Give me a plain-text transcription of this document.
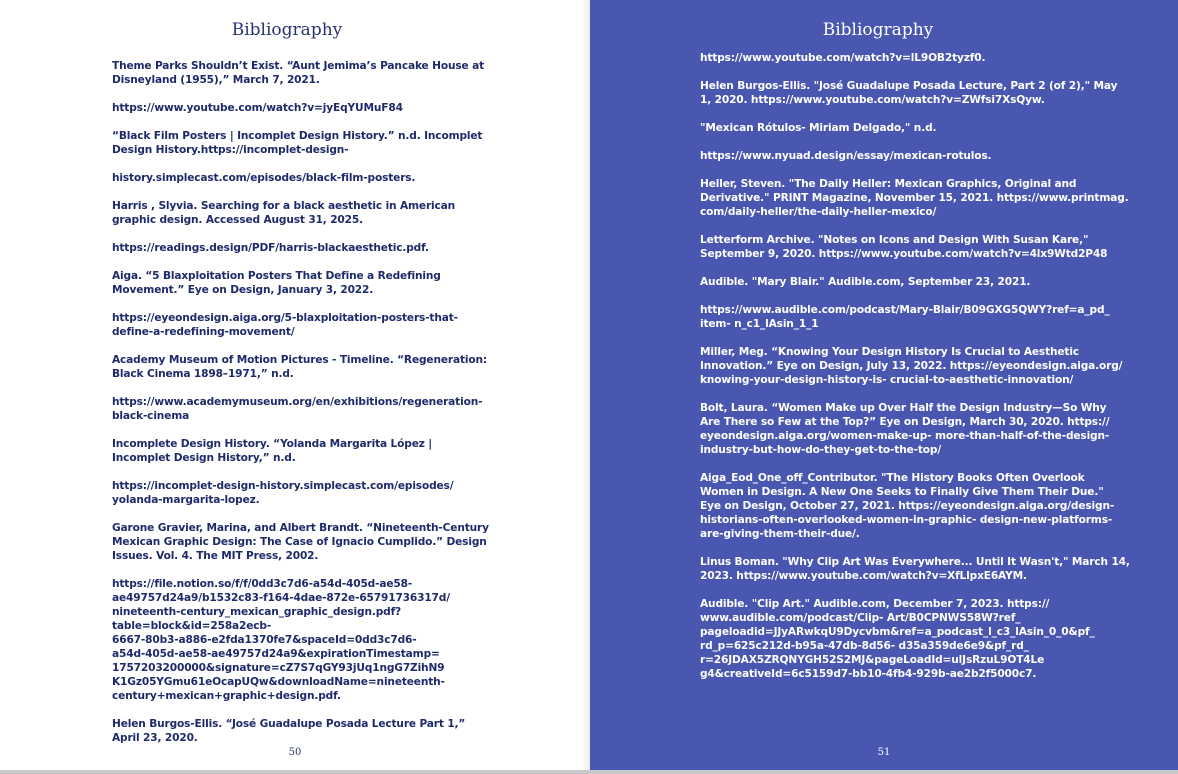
Bibliography

Theme Parks Shouldn’t Exist. “Aunt Jemima’s Pancake House at
Disneyland (1955),” March 7, 2021.

https://www.youtube.com/watch?v=jyEqYUMuF84

“Black Film Posters | Incomplet Design History.” n.d. Incomplet
Design History.https://incomplet-design-

history.simplecast.com/episodes/black-film-posters.

Harris , Slyvia. Searching for a black aesthetic in American
graphic design. Accessed August 31, 2025.

https://readings.design/PDF/harris-blackaesthetic.pdf.

Aiga. “5 Blaxploitation Posters That Define a Redefining
Movement.” Eye on Design, January 3, 2022.

https://eyeondesign.aiga.org/5-blaxploitation-posters-that-
define-a-redefining-movement/

Academy Museum of Motion Pictures - Timeline. “Regeneration:
Black Cinema 1898–1971,” n.d.

https://www.academymuseum.org/en/exhibitions/regeneration-
black-cinema

Incomplete Design History. “Yolanda Margarita López |
Incomplet Design History,” n.d.

https://incomplet-design-history.simplecast.com/episodes/
yolanda-margarita-lopez.

Garone Gravier, Marina, and Albert Brandt. “Nineteenth-Century
Mexican Graphic Design: The Case of Ignacio Cumplido.” Design
Issues. Vol. 4. The MIT Press, 2002.

https://file.notion.so/f/f/0dd3c7d6-a54d-405d-ae58-
ae49757d24a9/b1532c83-f164-4dae-872e-65791736317d/
nineteenth-century_mexican_graphic_design.pdf?table=block&id=258a2ecb-
6667-80b3-a886-e2fda1370fe7&spaceId=0dd3c7d6-
a54d-405d-ae58-ae49757d24a9&expirationTimestamp=
1757203200000&signature=cZ7S7qGY93jUq1ngG7ZihN9
K1Gz05YGmu61eOcapUQw&downloadName=nineteenth-
century+mexican+graphic+design.pdf.

Helen Burgos-Ellis. “José Guadalupe Posada Lecture Part 1,”
April 23, 2020.

50
Bibliography
51

https://www.youtube.com/watch?v=lL9OB2tyzf0.

Helen Burgos-Ellis. "José Guadalupe Posada Lecture, Part 2 (of 2)," May
1, 2020. https://www.youtube.com/watch?v=ZWfsi7XsQyw.

"Mexican Rótulos- Miriam Delgado," n.d.

https://www.nyuad.design/essay/mexican-rotulos.

Heller, Steven. "The Daily Heller: Mexican Graphics, Original and
Derivative." PRINT Magazine, November 15, 2021. https://www.printmag.
com/daily-heller/the-daily-heller-mexico/

Letterform Archive. "Notes on Icons and Design With Susan Kare,"
September 9, 2020. https://www.youtube.com/watch?v=4lx9Wtd2P48

Audible. "Mary Blair." Audible.com, September 23, 2021.

https://www.audible.com/podcast/Mary-Blair/B09GXG5QWY?ref=a_pd_
item- n_c1_lAsin_1_1

Miller, Meg. “Knowing Your Design History Is Crucial to Aesthetic
Innovation.” Eye on Design, July 13, 2022. https://eyeondesign.aiga.org/
knowing-your-design-history-is- crucial-to-aesthetic-innovation/

Bolt, Laura. “Women Make up Over Half the Design Industry—So Why
Are There so Few at the Top?” Eye on Design, March 30, 2020. https://
eyeondesign.aiga.org/women-make-up- more-than-half-of-the-design-
industry-but-how-do-they-get-to-the-top/

Aiga_Eod_One_off_Contributor. "The History Books Often Overlook
Women in Design. A New One Seeks to Finally Give Them Their Due."
Eye on Design, October 27, 2021. https://eyeondesign.aiga.org/design-
historians-often-overlooked-women-in-graphic- design-new-platforms-
are-giving-them-their-due/.

Linus Boman. "Why Clip Art Was Everywhere... Until It Wasn't," March 14,
2023. https://www.youtube.com/watch?v=XfLlpxE6AYM.

Audible. "Clip Art." Audible.com, December 7, 2023. https://
www.audible.com/podcast/Clip- Art/B0CPNWS58W?ref_
pageloadid=JJyARwkqU9Dycvbm&ref=a_podcast_l_c3_lAsin_0_0&pf_
rd_p=625c212d-b95a-47db-8d56- d35a359de6e9&pf_rd_
r=26JDAX5ZRQNYGH52S2MJ&pageLoadId=ulJsRzuL9OT4Le
g4&creativeId=6c5159d7-bb10-4fb4-929b-ae2b2f5000c7.
